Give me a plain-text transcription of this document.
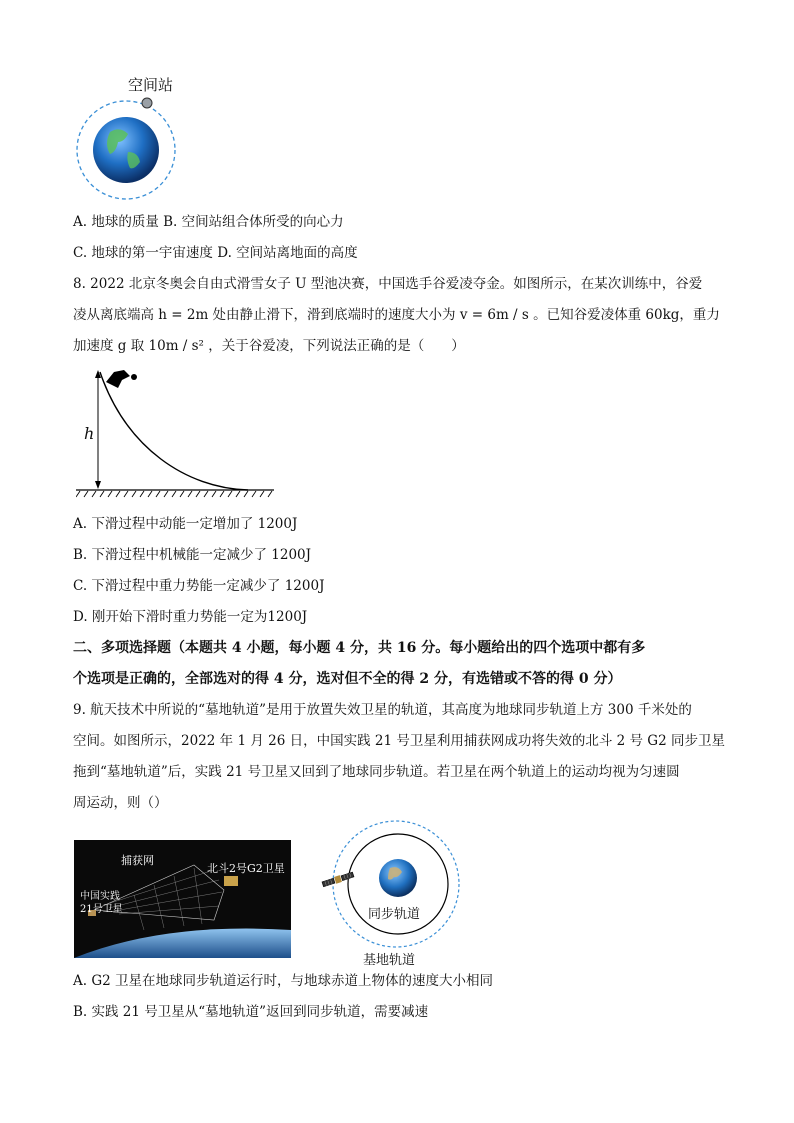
空间站
A. 地球的质量 B. 空间站组合体所受的向心力
C. 地球的第一宇宙速度 D. 空间站离地面的高度
8. 2022 北京冬奥会自由式滑雪女子 U 型池决赛，中国选手谷爱凌夺金。如图所示，在某次训练中，谷爱
凌从离底端高 h = 2m 处由静止滑下，滑到底端时的速度大小为 v = 6m / s 。已知谷爱凌体重 60kg，重力
加速度 g 取 10m / s² ，关于谷爱凌，下列说法正确的是（　　）
h
A. 下滑过程中动能一定增加了 1200J
B. 下滑过程中机械能一定减少了 1200J
C. 下滑过程中重力势能一定减少了 1200J
D. 刚开始下滑时重力势能一定为1200J
二、多项选择题（本题共 4 小题，每小题 4 分，共 16 分。每小题给出的四个选项中都有多
个选项是正确的，全部选对的得 4 分，选对但不全的得 2 分，有选错或不答的得 0 分）
9. 航天技术中所说的“墓地轨道”是用于放置失效卫星的轨道，其高度为地球同步轨道上方 300 千米处的
空间。如图所示，2022 年 1 月 26 日，中国实践 21 号卫星利用捕获网成功将失效的北斗 2 号 G2 同步卫星
拖到“墓地轨道”后，实践 21 号卫星又回到了地球同步轨道。若卫星在两个轨道上的运动均视为匀速圆
周运动，则（）
捕获网
北斗2号G2卫星
中国实践
21号卫星	同步轨道
基地轨道
A. G2 卫星在地球同步轨道运行时，与地球赤道上物体的速度大小相同
B. 实践 21 号卫星从“墓地轨道”返回到同步轨道，需要减速
